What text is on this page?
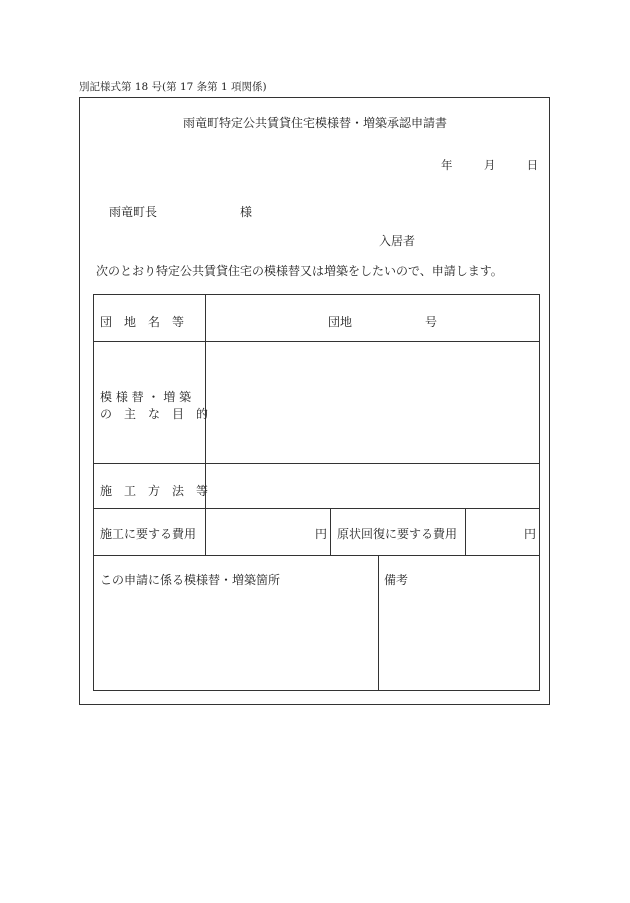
別記様式第 18 号(第 17 条第 1 項関係)
雨竜町特定公共賃貸住宅模様替・増築承認申請書
年	月	日
雨竜町長	様
入居者
次のとおり特定公共賃貸住宅の模様替又は増築をしたいので、申請します。
団　地　名　等	団地	号
模 様 替 ・ 増 築
の　主　な　目　的
施　工　方　法　等
施工に要する費用	円 原状回復に要する費用	円
この申請に係る模様替・増築箇所	備考
